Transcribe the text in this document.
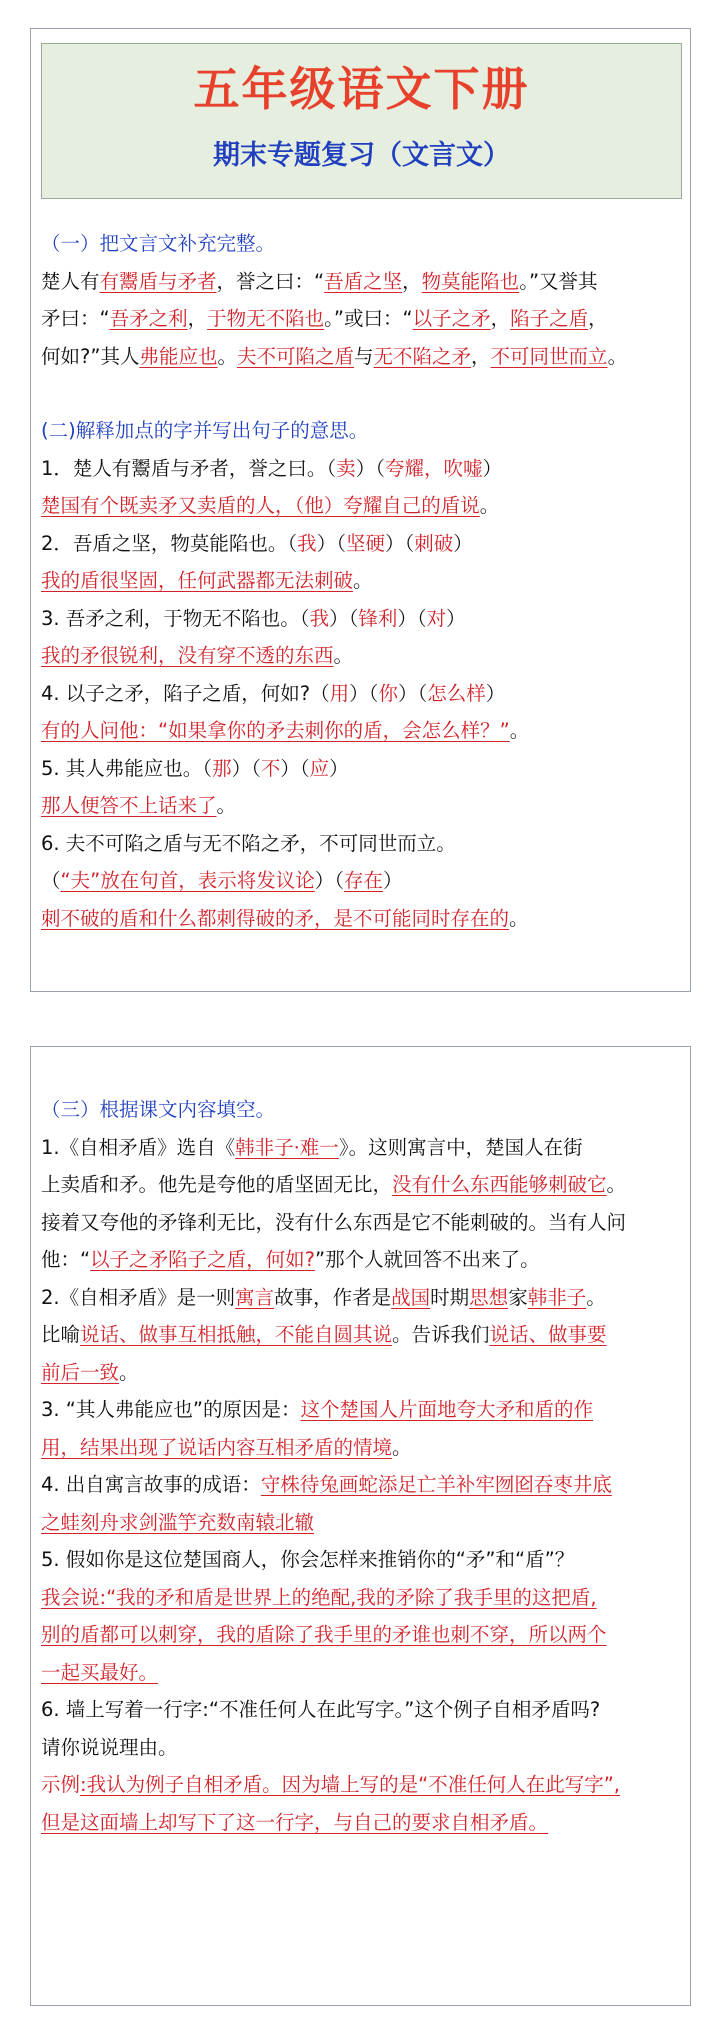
五年级语文下册
期末专题复习（文言文）
（一）把文言文补充完整。
楚人有有鬻盾与矛者，誉之曰：“吾盾之坚，物莫能陷也。”又誉其
矛曰：“吾矛之利，于物无不陷也。”或曰：“以子之矛，陷子之盾，
何如?”其人弗能应也。夫不可陷之盾与无不陷之矛，不可同世而立。
(二)解释加点的字并写出句子的意思。
1．楚人有鬻盾与矛者，誉之曰。（卖）（夸耀，吹嘘）
楚国有个既卖矛又卖盾的人，（他）夸耀自己的盾说。
2．吾盾之坚，物莫能陷也。（我）（坚硬）（刺破）
我的盾很坚固，任何武器都无法刺破。
3. 吾矛之利，于物无不陷也。（我）（锋利）（对）
我的矛很锐利，没有穿不透的东西。
4. 以子之矛，陷子之盾，何如?（用）（你）（怎么样）
有的人问他：“如果拿你的矛去刺你的盾，会怎么样？”。
5. 其人弗能应也。（那）（不）（应）
那人便答不上话来了。
6. 夫不可陷之盾与无不陷之矛，不可同世而立。
（“夫”放在句首，表示将发议论）（存在）
刺不破的盾和什么都刺得破的矛，是不可能同时存在的。
（三）根据课文内容填空。
1.《自相矛盾》选自《韩非子·难一》。这则寓言中，楚国人在街
上卖盾和矛。他先是夸他的盾坚固无比，没有什么东西能够刺破它。
接着又夸他的矛锋利无比，没有什么东西是它不能刺破的。当有人问
他：“以子之矛陷子之盾，何如?”那个人就回答不出来了。
2.《自相矛盾》是一则寓言故事，作者是战国时期思想家韩非子。
比喻说话、做事互相抵触，不能自圆其说。告诉我们说话、做事要
前后一致。
3. “其人弗能应也”的原因是：这个楚国人片面地夸大矛和盾的作
用，结果出现了说话内容互相矛盾的情境。
4. 出自寓言故事的成语：守株待兔画蛇添足亡羊补牢囫囵吞枣井底
之蛙刻舟求剑滥竽充数南辕北辙
5. 假如你是这位楚国商人，你会怎样来推销你的“矛”和“盾”？
我会说:“我的矛和盾是世界上的绝配,我的矛除了我手里的这把盾,
别的盾都可以刺穿，我的盾除了我手里的矛谁也刺不穿，所以两个
一起买最好。
6. 墙上写着一行字:“不准任何人在此写字。”这个例子自相矛盾吗?
请你说说理由。
示例:我认为例子自相矛盾。因为墙上写的是“不准任何人在此写字”,
但是这面墙上却写下了这一行字，与自己的要求自相矛盾。
